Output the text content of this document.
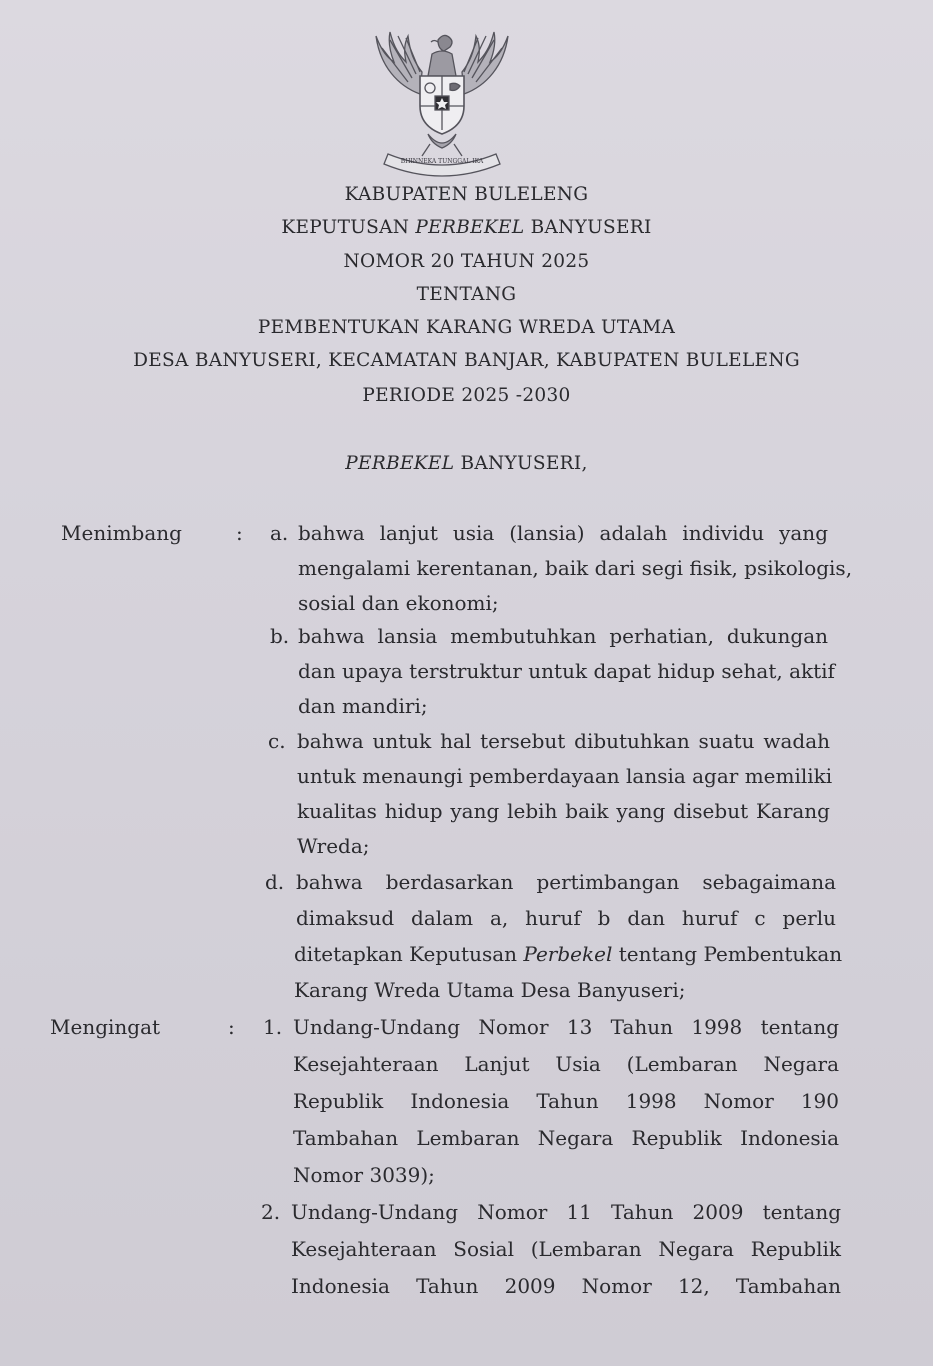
BHINNEKA TUNGGAL IKA
KABUPATEN BULELENG
KEPUTUSAN PERBEKEL BANYUSERI
NOMOR 20 TAHUN 2025
TENTANG
PEMBENTUKAN KARANG WREDA UTAMA
DESA BANYUSERI, KECAMATAN BANJAR, KABUPATEN BULELENG
PERIODE 2025 -2030
PERBEKEL BANYUSERI,
Menimbang	: a. bahwa lanjut usia (lansia) adalah individu yang
mengalami kerentanan, baik dari segi fisik, psikologis,
sosial dan ekonomi;
b. bahwa lansia membutuhkan perhatian, dukungan
dan upaya terstruktur untuk dapat hidup sehat, aktif
dan mandiri;
c. bahwa untuk hal tersebut dibutuhkan suatu wadah
untuk menaungi pemberdayaan lansia agar memiliki
kualitas hidup yang lebih baik yang disebut Karang
Wreda;
d. bahwa berdasarkan pertimbangan sebagaimana
dimaksud dalam a, huruf b dan huruf c perlu
ditetapkan Keputusan Perbekel tentang Pembentukan
Karang Wreda Utama Desa Banyuseri;
Mengingat	: 1. Undang-Undang Nomor 13 Tahun 1998 tentang
Kesejahteraan Lanjut Usia (Lembaran Negara
Republik Indonesia Tahun 1998 Nomor 190
Tambahan Lembaran Negara Republik Indonesia
Nomor 3039);
2. Undang-Undang Nomor 11 Tahun 2009 tentang
Kesejahteraan Sosial (Lembaran Negara Republik
Indonesia Tahun 2009 Nomor 12, Tambahan
